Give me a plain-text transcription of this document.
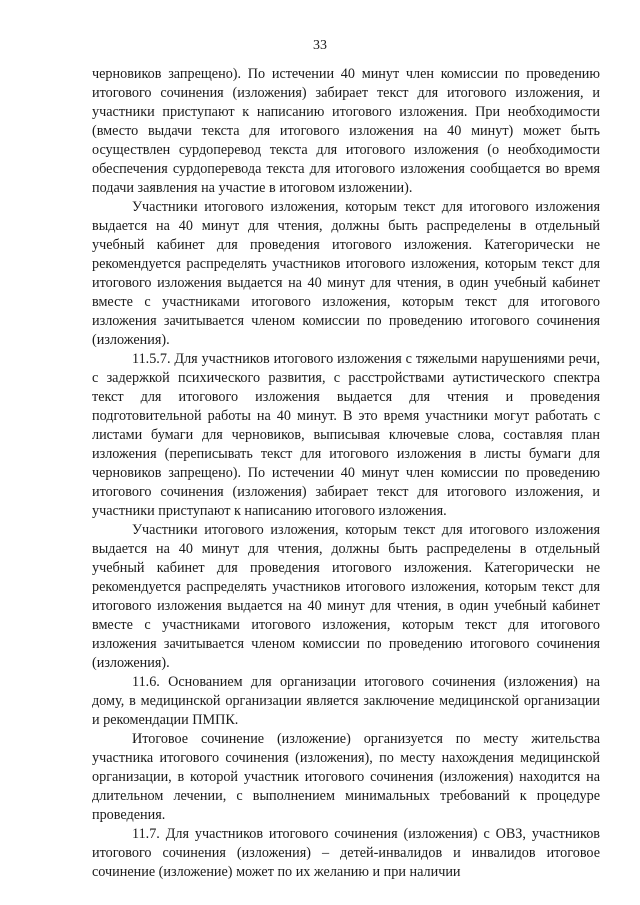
33

черновиков запрещено). По истечении 40 минут член комиссии по проведению итогового сочинения (изложения) забирает текст для итогового изложения, и участники приступают к написанию итогового изложения. При необходимости (вместо выдачи текста для итогового изложения на 40 минут) может быть осуществлен сурдоперевод текста для итогового изложения (о необходимости обеспечения сурдоперевода текста для итогового изложения сообщается во время подачи заявления на участие в итоговом изложении).

Участники итогового изложения, которым текст для итогового изложения выдается на 40 минут для чтения, должны быть распределены в отдельный учебный кабинет для проведения итогового изложения. Категорически не рекомендуется распределять участников итогового изложения, которым текст для итогового изложения выдается на 40 минут для чтения, в один учебный кабинет вместе с участниками итогового изложения, которым текст для итогового изложения зачитывается членом комиссии по проведению итогового сочинения (изложения).

11.5.7. Для участников итогового изложения с тяжелыми нарушениями речи, с задержкой психического развития, с расстройствами аутистического спектра текст для итогового изложения выдается для чтения и проведения подготовительной работы на 40 минут. В это время участники могут работать с листами бумаги для черновиков, выписывая ключевые слова, составляя план изложения (переписывать текст для итогового изложения в листы бумаги для черновиков запрещено). По истечении 40 минут член комиссии по проведению итогового сочинения (изложения) забирает текст для итогового изложения, и участники приступают к написанию итогового изложения.

Участники итогового изложения, которым текст для итогового изложения выдается на 40 минут для чтения, должны быть распределены в отдельный учебный кабинет для проведения итогового изложения. Категорически не рекомендуется распределять участников итогового изложения, которым текст для итогового изложения выдается на 40 минут для чтения, в один учебный кабинет вместе с участниками итогового изложения, которым текст для итогового изложения зачитывается членом комиссии по проведению итогового сочинения (изложения).

11.6. Основанием для организации итогового сочинения (изложения) на дому, в медицинской организации является заключение медицинской организации и рекомендации ПМПК.

Итоговое сочинение (изложение) организуется по месту жительства участника итогового сочинения (изложения), по месту нахождения медицинской организации, в которой участник итогового сочинения (изложения) находится на длительном лечении, с выполнением минимальных требований к процедуре проведения.

11.7. Для участников итогового сочинения (изложения) с ОВЗ, участников итогового сочинения (изложения) – детей-инвалидов и инвалидов итоговое сочинение (изложение) может по их желанию и при наличии
